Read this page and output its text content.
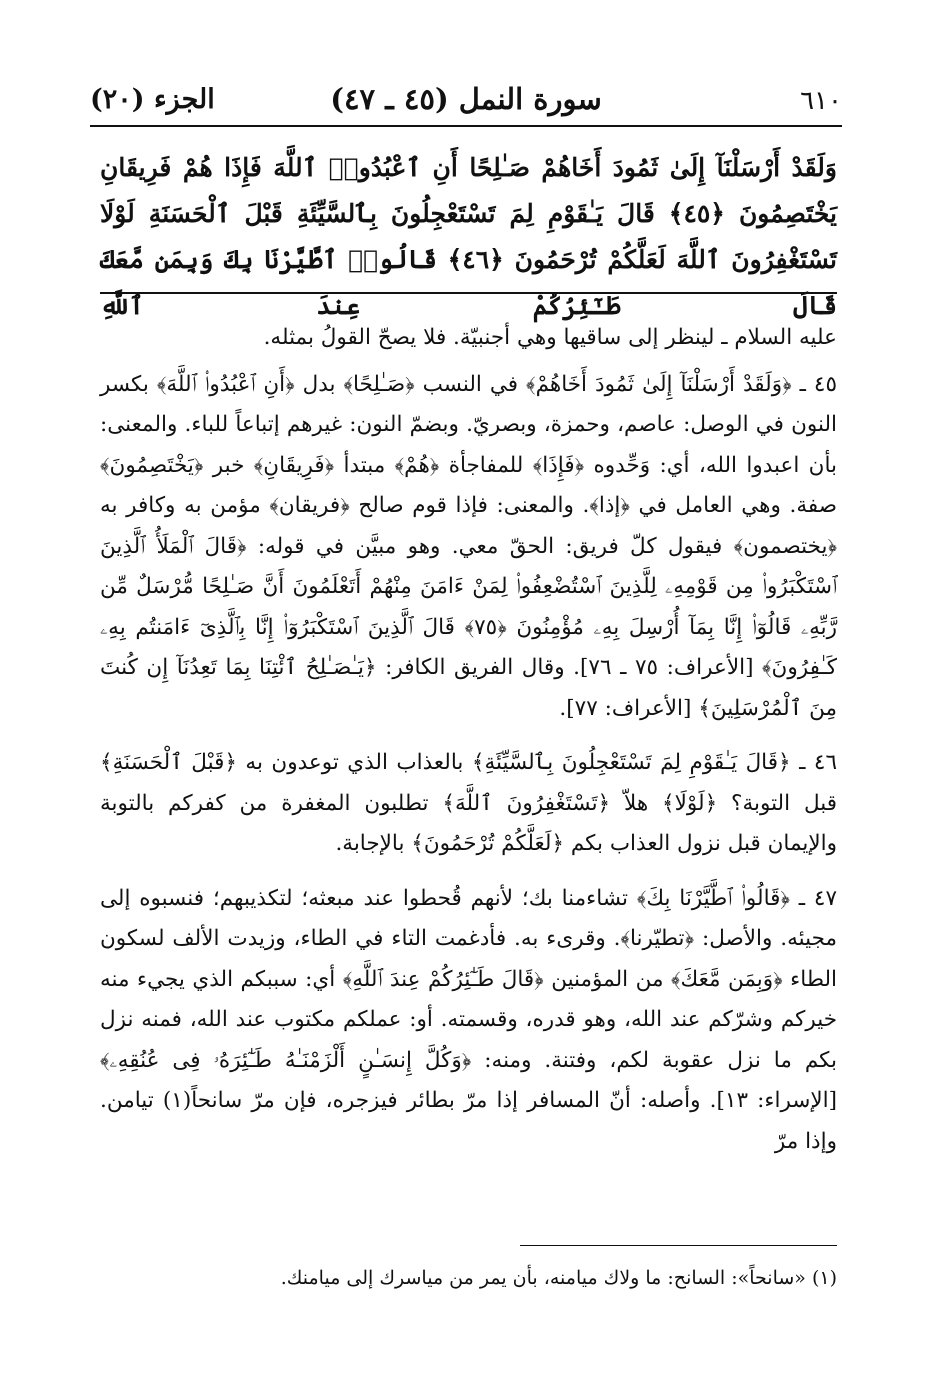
٦١٠
سورة النمل (٤٥ ـ ٤٧)
الجزء (٢٠)
وَلَقَدْ أَرْسَلْنَآ إِلَىٰ ثَمُودَ أَخَاهُمْ صَـٰلِحًا أَنِ ٱعْبُدُوا۟ ٱللَّهَ فَإِذَا هُمْ فَرِيقَانِ يَخْتَصِمُونَ ﴿٤٥﴾ قَالَ يَـٰقَوْمِ لِمَ تَسْتَعْجِلُونَ بِٱلسَّيِّئَةِ قَبْلَ ٱلْحَسَنَةِ لَوْلَا تَسْتَغْفِرُونَ ٱللَّهَ لَعَلَّكُمْ تُرْحَمُونَ ﴿٤٦﴾ قَالُوا۟ ٱطَّيَّرْنَا بِكَ وَبِمَن مَّعَكَ قَالَ طَـٰٓئِرُكُمْ عِندَ ٱللَّهِ

عليه السلام ـ لينظر إلى ساقيها وهي أجنبيّة. فلا يصحّ القولُ بمثله.

٤٥ ـ ﴿وَلَقَدْ أَرْسَلْنَآ إِلَىٰ ثَمُودَ أَخَاهُمْ﴾ في النسب ﴿صَـٰلِحًا﴾ بدل ﴿أَنِ ٱعْبُدُوا۟ ٱللَّهَ﴾ بكسر النون في الوصل: عاصم، وحمزة، وبصريّ. وبضمّ النون: غيرهم إتباعاً للباء. والمعنى: بأن اعبدوا الله، أي: وَحِّدوه ﴿فَإِذَا﴾ للمفاجأة ﴿هُمْ﴾ مبتدأ ﴿فَرِيقَانِ﴾ خبر ﴿يَخْتَصِمُونَ﴾ صفة. وهي العامل في ﴿إذا﴾. والمعنى: فإذا قوم صالح ﴿فريقان﴾ مؤمن به وكافر به ﴿يختصمون﴾ فيقول كلّ فريق: الحقّ معي. وهو مبيَّن في قوله: ﴿قَالَ ٱلْمَلَأُ ٱلَّذِينَ ٱسْتَكْبَرُوا۟ مِن قَوْمِهِۦ لِلَّذِينَ ٱسْتُضْعِفُوا۟ لِمَنْ ءَامَنَ مِنْهُمْ أَتَعْلَمُونَ أَنَّ صَـٰلِحًا مُّرْسَلٌ مِّن رَّبِّهِۦ قَالُوٓا۟ إِنَّا بِمَآ أُرْسِلَ بِهِۦ مُؤْمِنُونَ ﴿٧٥﴾ قَالَ ٱلَّذِينَ ٱسْتَكْبَرُوٓا۟ إِنَّا بِٱلَّذِىٓ ءَامَنتُم بِهِۦ كَـٰفِرُونَ﴾ [الأعراف: ٧٥ ـ ٧٦]. وقال الفريق الكافر: ﴿يَـٰصَـٰلِحُ ٱئْتِنَا بِمَا تَعِدُنَآ إِن كُنتَ مِنَ ٱلْمُرْسَلِينَ﴾ [الأعراف: ٧٧].

٤٦ ـ ﴿قَالَ يَـٰقَوْمِ لِمَ تَسْتَعْجِلُونَ بِٱلسَّيِّئَةِ﴾ بالعذاب الذي توعدون به ﴿قَبْلَ ٱلْحَسَنَةِ﴾ قبل التوبة؟ ﴿لَوْلَا﴾ هلاّ ﴿تَسْتَغْفِرُونَ ٱللَّهَ﴾ تطلبون المغفرة من كفركم بالتوبة والإيمان قبل نزول العذاب بكم ﴿لَعَلَّكُمْ تُرْحَمُونَ﴾ بالإجابة.

٤٧ ـ ﴿قَالُوا۟ ٱطَّيَّرْنَا بِكَ﴾ تشاءمنا بك؛ لأنهم قُحطوا عند مبعثه؛ لتكذيبهم؛ فنسبوه إلى مجيئه. والأصل: ﴿تطيّرنا﴾. وقرىء به. فأدغمت التاء في الطاء، وزيدت الألف لسكون الطاء ﴿وَبِمَن مَّعَكَ﴾ من المؤمنين ﴿قَالَ طَـٰٓئِرُكُمْ عِندَ ٱللَّهِ﴾ أي: سببكم الذي يجيء منه خيركم وشرّكم عند الله، وهو قدره، وقسمته. أو: عملكم مكتوب عند الله، فمنه نزل بكم ما نزل عقوبة لكم، وفتنة. ومنه: ﴿وَكُلَّ إِنسَـٰنٍ أَلْزَمْنَـٰهُ طَـٰٓئِرَهُۥ فِى عُنُقِهِۦ﴾ [الإسراء: ١٣]. وأصله: أنّ المسافر إذا مرّ بطائر فيزجره، فإن مرّ سانحاً(١) تيامن. وإذا مرّ

(١) «سانحاً»: السانح: ما ولاك ميامنه، بأن يمر من مياسرك إلى ميامنك.
